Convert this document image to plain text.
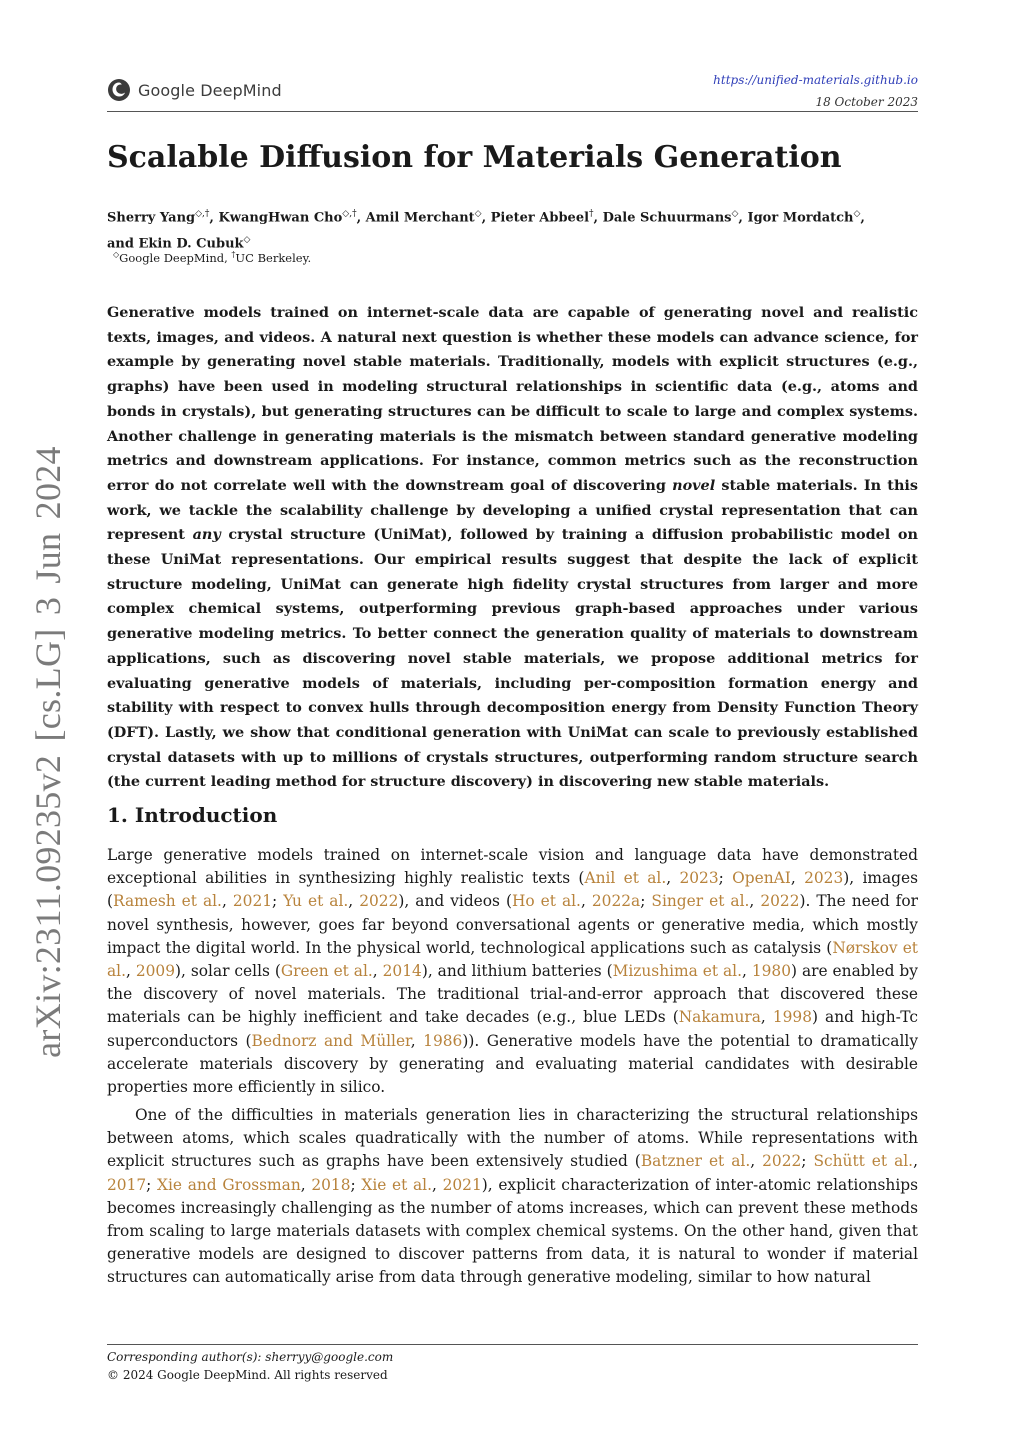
Google DeepMind
https://unified-materials.github.io
18 October 2023
arXiv:2311.09235v2 [cs.LG] 3 Jun 2024
Scalable Diffusion for Materials Generation
Sherry Yang◇,†, KwangHwan Cho◇,†, Amil Merchant◇, Pieter Abbeel†, Dale Schuurmans◇, Igor Mordatch◇,
and Ekin D. Cubuk◇
◇Google DeepMind, †UC Berkeley.

Generative models trained on internet-scale data are capable of generating novel and realistic texts, images, and videos. A natural next question is whether these models can advance science, for example by generating novel stable materials. Traditionally, models with explicit structures (e.g., graphs) have been used in modeling structural relationships in scientific data (e.g., atoms and bonds in crystals), but generating structures can be difficult to scale to large and complex systems. Another challenge in generating materials is the mismatch between standard generative modeling metrics and downstream applications. For instance, common metrics such as the reconstruction error do not correlate well with the downstream goal of discovering novel stable materials. In this work, we tackle the scalability challenge by developing a unified crystal representation that can represent any crystal structure (UniMat), followed by training a diffusion probabilistic model on these UniMat representations. Our empirical results suggest that despite the lack of explicit structure modeling, UniMat can generate high fidelity crystal structures from larger and more complex chemical systems, outperforming previous graph-based approaches under various generative modeling metrics. To better connect the generation quality of materials to downstream applications, such as discovering novel stable materials, we propose additional metrics for evaluating generative models of materials, including per-composition formation energy and stability with respect to convex hulls through decomposition energy from Density Function Theory (DFT). Lastly, we show that conditional generation with UniMat can scale to previously established crystal datasets with up to millions of crystals structures, outperforming random structure search (the current leading method for structure discovery) in discovering new stable materials.

1. Introduction

Large generative models trained on internet-scale vision and language data have demonstrated exceptional abilities in synthesizing highly realistic texts (Anil et al., 2023; OpenAI, 2023), images (Ramesh et al., 2021; Yu et al., 2022), and videos (Ho et al., 2022a; Singer et al., 2022). The need for novel synthesis, however, goes far beyond conversational agents or generative media, which mostly impact the digital world. In the physical world, technological applications such as catalysis (Nørskov et al., 2009), solar cells (Green et al., 2014), and lithium batteries (Mizushima et al., 1980) are enabled by the discovery of novel materials. The traditional trial-and-error approach that discovered these materials can be highly inefficient and take decades (e.g., blue LEDs (Nakamura, 1998) and high-Tc superconductors (Bednorz and Müller, 1986)). Generative models have the potential to dramatically accelerate materials discovery by generating and evaluating material candidates with desirable properties more efficiently in silico.

One of the difficulties in materials generation lies in characterizing the structural relationships between atoms, which scales quadratically with the number of atoms. While representations with explicit structures such as graphs have been extensively studied (Batzner et al., 2022; Schütt et al., 2017; Xie and Grossman, 2018; Xie et al., 2021), explicit characterization of inter-atomic relationships becomes increasingly challenging as the number of atoms increases, which can prevent these methods from scaling to large materials datasets with complex chemical systems. On the other hand, given that generative models are designed to discover patterns from data, it is natural to wonder if material structures can automatically arise from data through generative modeling, similar to how natural

Corresponding author(s): sherryy@google.com
© 2024 Google DeepMind. All rights reserved
